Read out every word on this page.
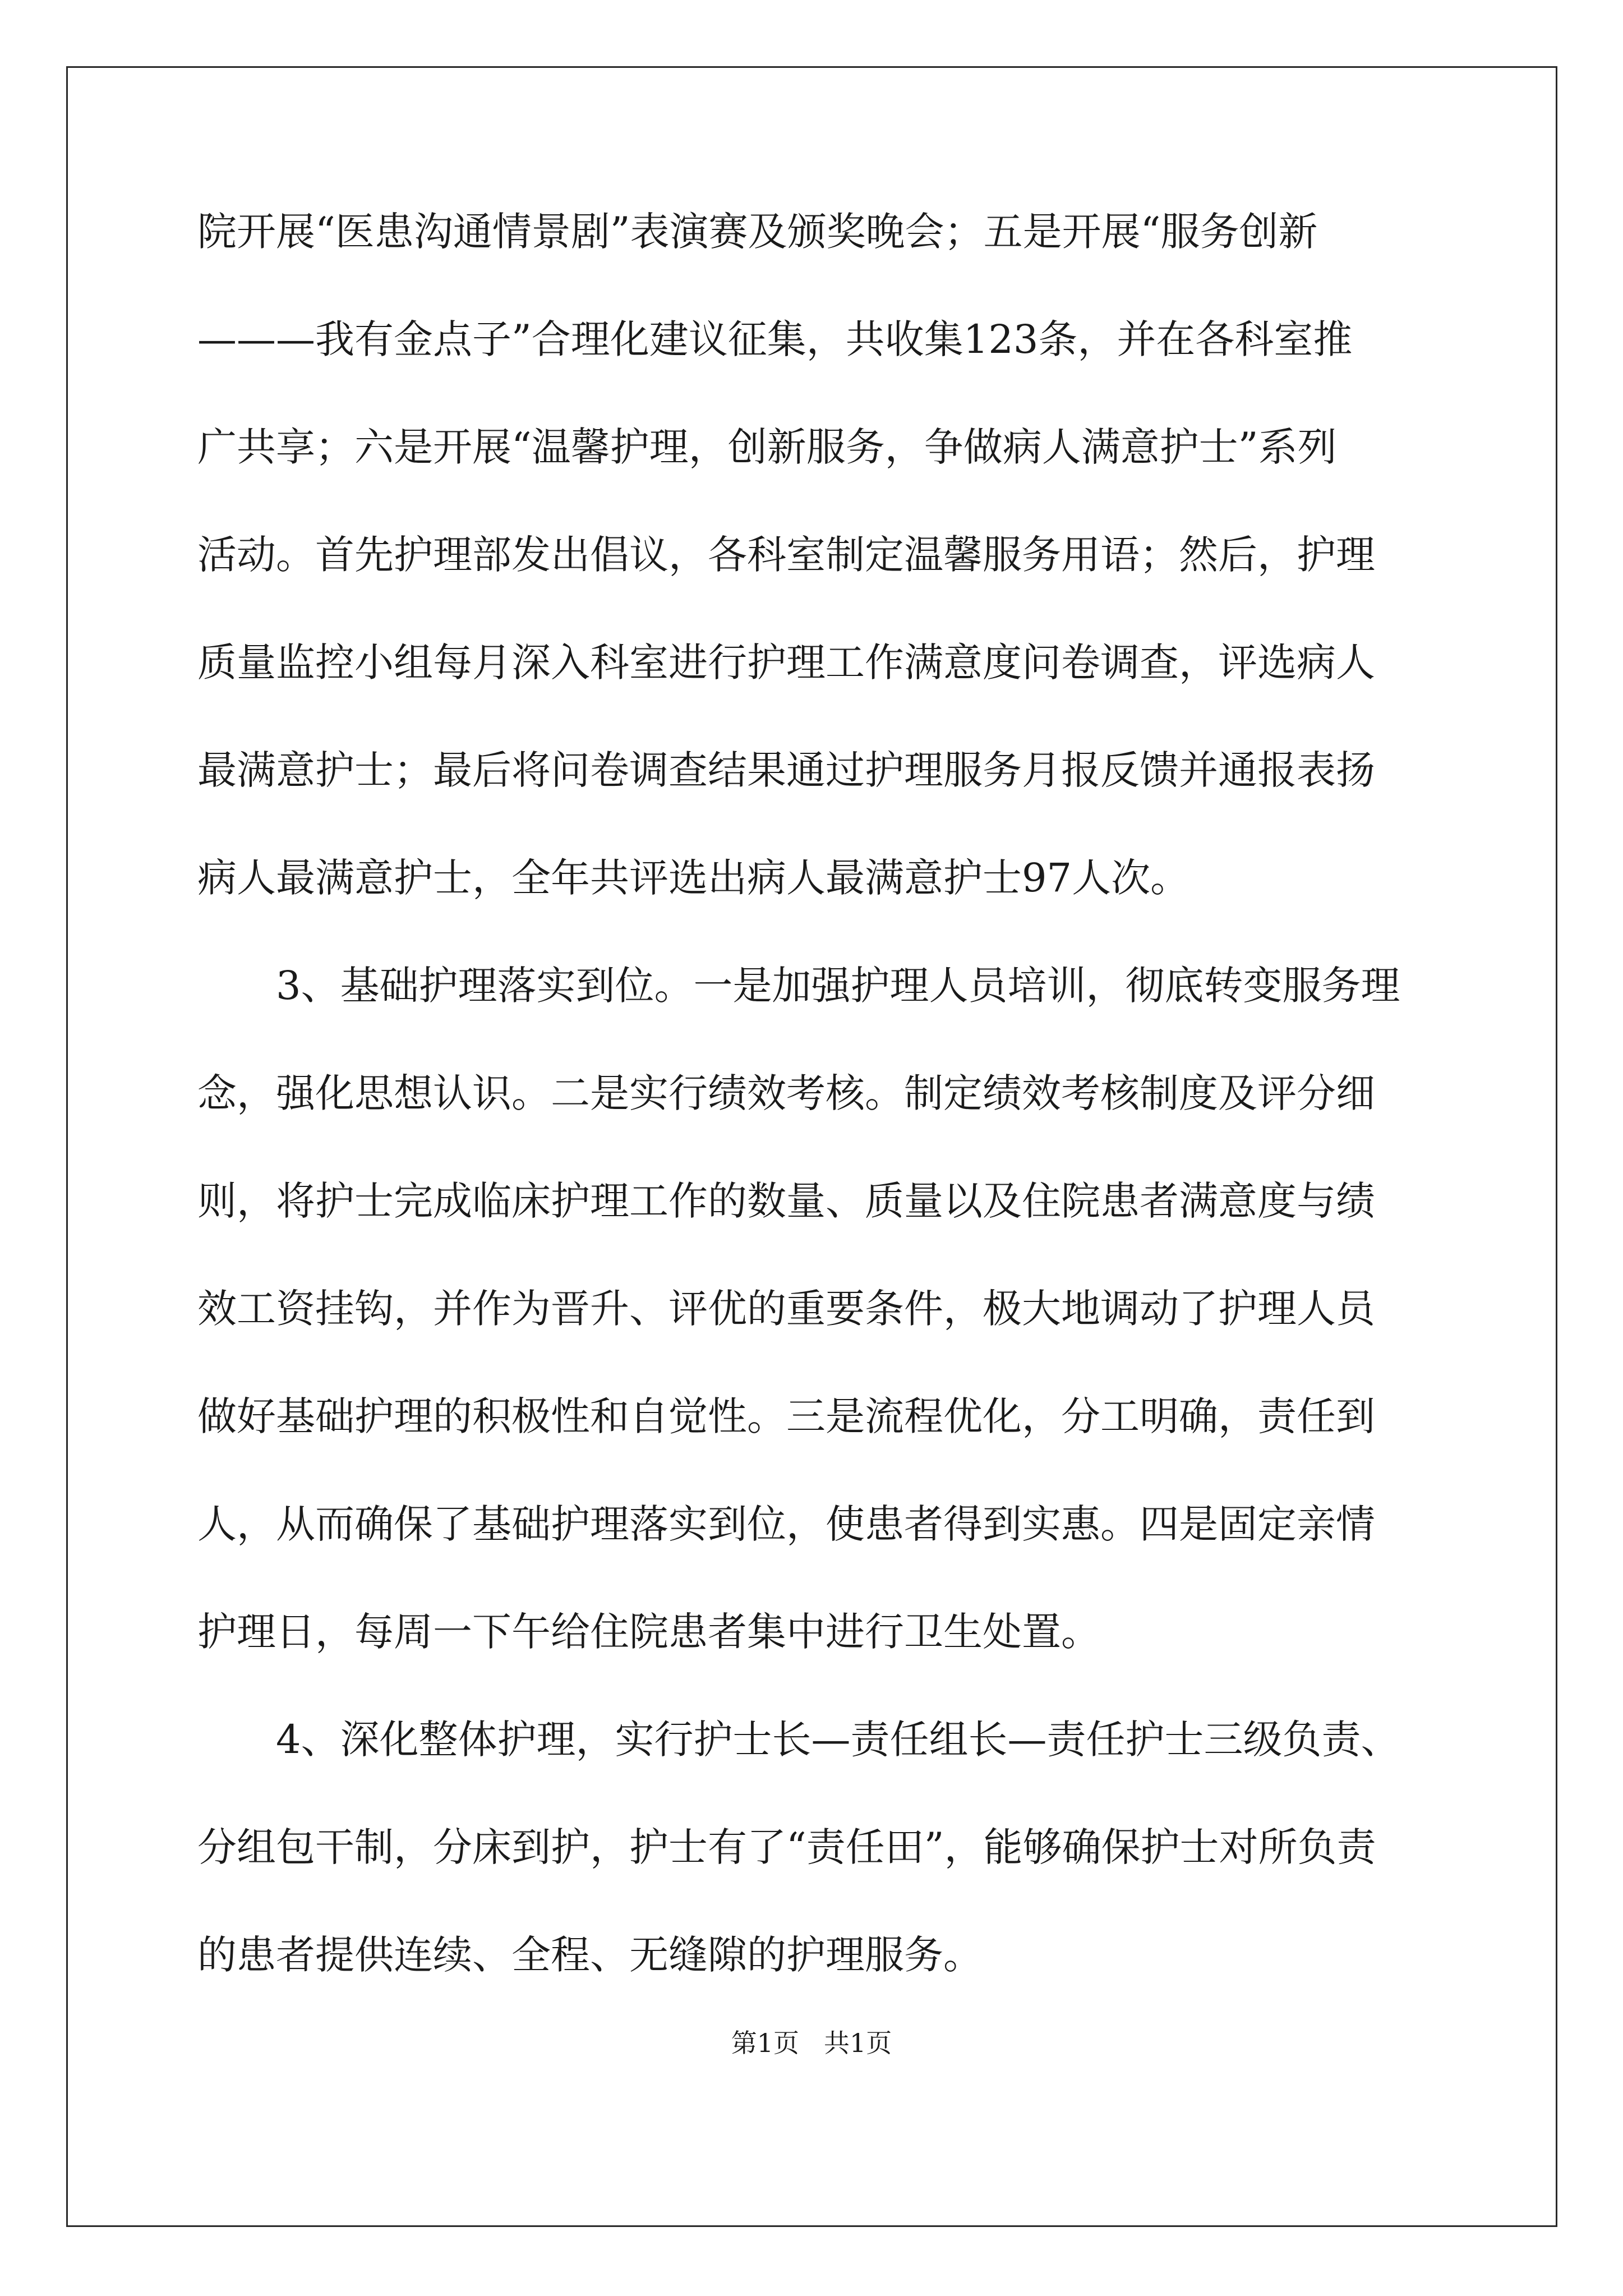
院开展“医患沟通情景剧”表演赛及颁奖晚会；五是开展“服务创新
———我有金点子”合理化建议征集，共收集123条，并在各科室推
广共享；六是开展“温馨护理，创新服务，争做病人满意护士”系列
活动。首先护理部发出倡议，各科室制定温馨服务用语；然后，护理
质量监控小组每月深入科室进行护理工作满意度问卷调查，评选病人
最满意护士；最后将问卷调查结果通过护理服务月报反馈并通报表扬
病人最满意护士，全年共评选出病人最满意护士97人次。
3、基础护理落实到位。一是加强护理人员培训，彻底转变服务理
念，强化思想认识。二是实行绩效考核。制定绩效考核制度及评分细
则，将护士完成临床护理工作的数量、质量以及住院患者满意度与绩
效工资挂钩，并作为晋升、评优的重要条件，极大地调动了护理人员
做好基础护理的积极性和自觉性。三是流程优化，分工明确，责任到
人，从而确保了基础护理落实到位，使患者得到实惠。四是固定亲情
护理日，每周一下午给住院患者集中进行卫生处置。
4、深化整体护理，实行护士长—责任组长—责任护士三级负责、
分组包干制，分床到护，护士有了“责任田”，能够确保护士对所负责
的患者提供连续、全程、无缝隙的护理服务。
第1页 共1页
